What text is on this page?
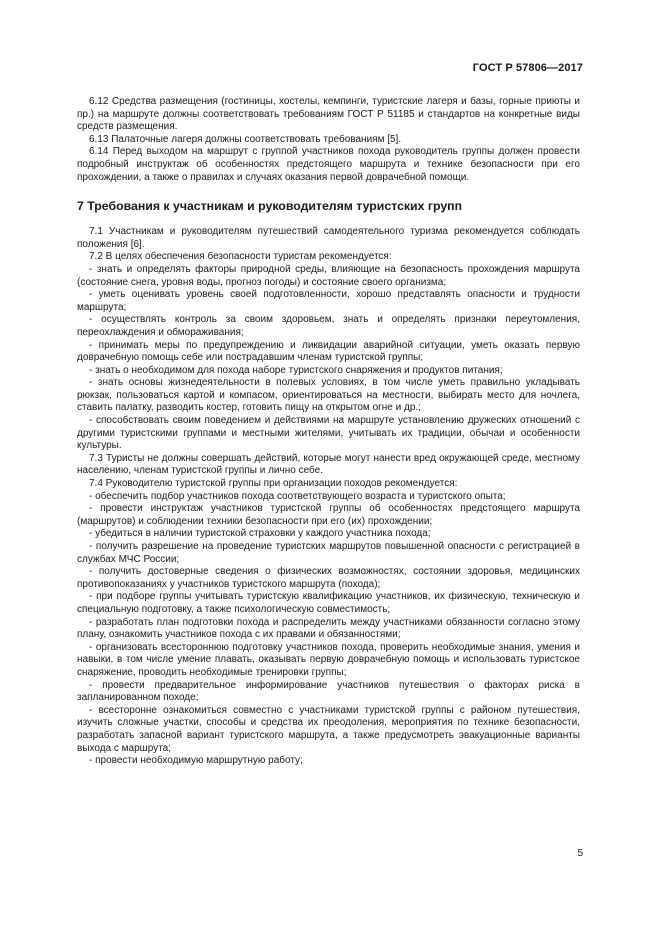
ГОСТ Р 57806—2017

6.12 Средства размещения (гостиницы, хостелы, кемпинги, туристские лагеря и базы, горные приюты и пр.) на маршруте должны соответствовать требованиям ГОСТ Р 51185 и стандартов на конкретные виды средств размещения.

6.13 Палаточные лагеря должны соответствовать требованиям [5].

6.14 Перед выходом на маршрут с группой участников похода руководитель группы должен провести подробный инструктаж об особенностях предстоящего маршрута и технике безопасности при его прохождении, а также о правилах и случаях оказания первой доврачебной помощи.

7 Требования к участникам и руководителям туристских групп

7.1 Участникам и руководителям путешествий самодеятельного туризма рекомендуется соблюдать положения [6].

7.2 В целях обеспечения безопасности туристам рекомендуется:

- знать и определять факторы природной среды, влияющие на безопасность прохождения маршрута (состояние снега, уровня воды, прогноз погоды) и состояние своего организма;

- уметь оценивать уровень своей подготовленности, хорошо представлять опасности и трудности маршрута;

- осуществлять контроль за своим здоровьем, знать и определять признаки переутомления, переохлаждения и обмораживания;

- принимать меры по предупреждению и ликвидации аварийной ситуации, уметь оказать первую доврачебную помощь себе или пострадавшим членам туристской группы;

- знать о необходимом для похода наборе туристского снаряжения и продуктов питания;

- знать основы жизнедеятельности в полевых условиях, в том числе уметь правильно укладывать рюкзак, пользоваться картой и компасом, ориентироваться на местности, выбирать место для ночлега, ставить палатку, разводить костер, готовить пищу на открытом огне и др.;

- способствовать своим поведением и действиями на маршруте установлению дружеских отношений с другими туристскими группами и местными жителями, учитывать их традиции, обычаи и особенности культуры.

7.3 Туристы не должны совершать действий, которые могут нанести вред окружающей среде, местному населению, членам туристской группы и лично себе.

7.4 Руководителю туристской группы при организации походов рекомендуется:

- обеспечить подбор участников похода соответствующего возраста и туристского опыта;

- провести инструктаж участников туристской группы об особенностях предстоящего маршрута (маршрутов) и соблюдении техники безопасности при его (их) прохождении;

- убедиться в наличии туристской страховки у каждого участника похода;

- получить разрешение на проведение туристских маршрутов повышенной опасности с регистрацией в службах МЧС России;

- получить достоверные сведения о физических возможностях, состоянии здоровья, медицинских противопоказаниях у участников туристского маршрута (похода);

- при подборе группы учитывать туристскую квалификацию участников, их физическую, техническую и специальную подготовку, а также психологическую совместимость;

- разработать план подготовки похода и распределить между участниками обязанности согласно этому плану, ознакомить участников похода с их правами и обязанностями;

- организовать всестороннюю подготовку участников похода, проверить необходимые знания, умения и навыки, в том числе умение плавать, оказывать первую доврачебную помощь и использовать туристское снаряжение, проводить необходимые тренировки группы;

- провести предварительное информирование участников путешествия о факторах риска в запланированном походе;

- всесторонне ознакомиться совместно с участниками туристской группы с районом путешествия, изучить сложные участки, способы и средства их преодоления, мероприятия по технике безопасности, разработать запасной вариант туристского маршрута, а также предусмотреть эвакуационные варианты выхода с маршрута;

- провести необходимую маршрутную работу;

5
